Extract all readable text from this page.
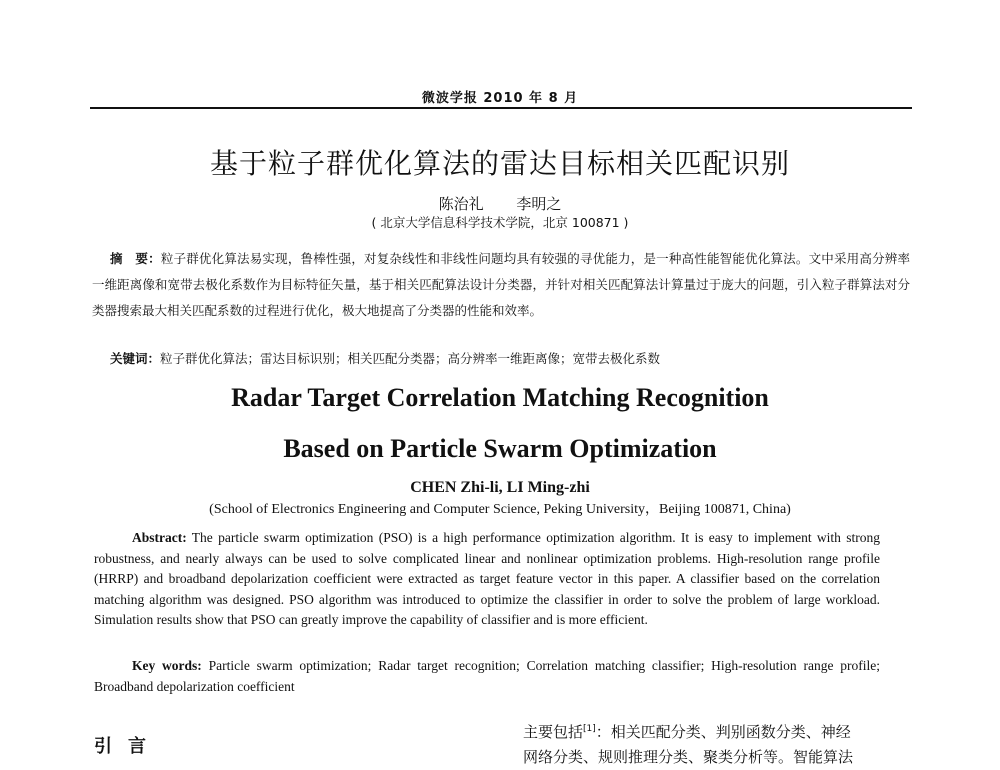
微波学报 2010 年 8 月
基于粒子群优化算法的雷达目标相关匹配识别
陈治礼 李明之
( 北京大学信息科学技术学院，北京 100871 )
摘　要：粒子群优化算法易实现，鲁棒性强，对复杂线性和非线性问题均具有较强的寻优能力，是一种高性能智能优化算法。文中采用高分辨率一维距离像和宽带去极化系数作为目标特征矢量，基于相关匹配算法设计分类器，并针对相关匹配算法计算量过于庞大的问题，引入粒子群算法对分类器搜索最大相关匹配系数的过程进行优化，极大地提高了分类器的性能和效率。
关键词：粒子群优化算法；雷达目标识别；相关匹配分类器；高分辨率一维距离像；宽带去极化系数
Radar Target Correlation Matching Recognition
Based on Particle Swarm Optimization
CHEN Zhi-li, LI Ming-zhi
(School of Electronics Engineering and Computer Science, Peking University，Beijing 100871, China)
Abstract: The particle swarm optimization (PSO) is a high performance optimization algorithm. It is easy to implement with strong robustness, and nearly always can be used to solve complicated linear and nonlinear optimization problems. High-resolution range profile (HRRP) and broadband depolarization coefficient were extracted as target feature vector in this paper. A classifier based on the correlation matching algorithm was designed. PSO algorithm was introduced to optimize the classifier in order to solve the problem of large workload. Simulation results show that PSO can greatly improve the capability of classifier and is more efficient.
Key words: Particle swarm optimization; Radar target recognition; Correlation matching classifier; High-resolution range profile; Broadband depolarization coefficient
引言
主要包括[1]：相关匹配分类、判别函数分类、神经
网络分类、规则推理分类、聚类分析等。智能算法
